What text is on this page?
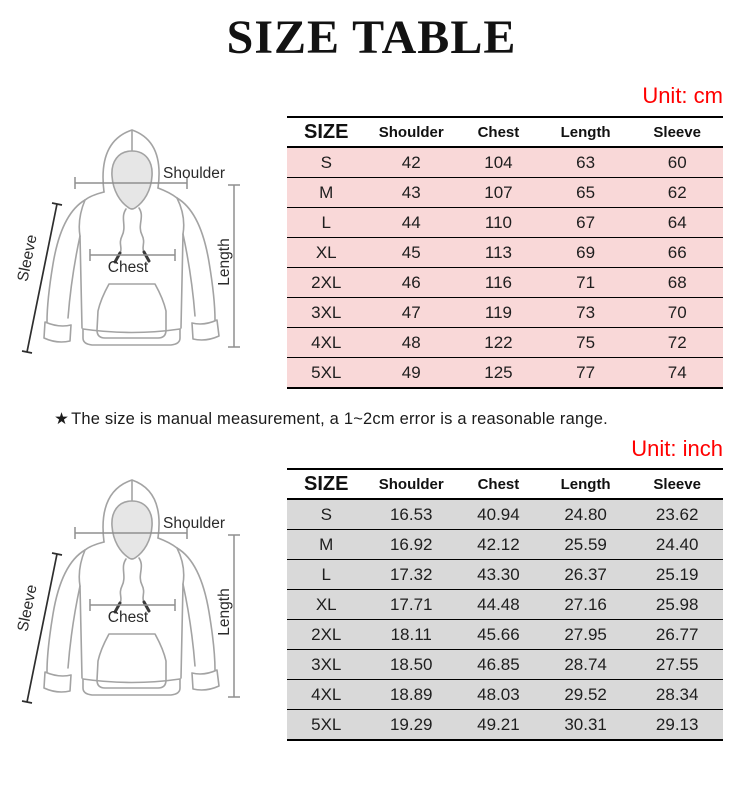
SIZE TABLE
Unit: cm
SIZE	Shoulder	Chest	Length	Sleeve
S	42	104	63	60
M	43	107	65	62
L	44	110	67	64
XL	45	113	69	66
2XL	46	116	71	68
3XL	47	119	73	70
4XL	48	122	75	72
5XL	49	125	77	74
Shoulder
Chest	Length
Sleeve
★ The size is manual measurement, a 1~2cm error is a reasonable range.
Unit: inch
SIZE	Shoulder	Chest	Length	Sleeve
S	16.53	40.94	24.80	23.62
M	16.92	42.12	25.59	24.40
L	17.32	43.30	26.37	25.19
XL	17.71	44.48	27.16	25.98
2XL	18.11	45.66	27.95	26.77
3XL	18.50	46.85	28.74	27.55
4XL	18.89	48.03	29.52	28.34
5XL	19.29	49.21	30.31	29.13
Shoulder
Chest	Length
Sleeve
